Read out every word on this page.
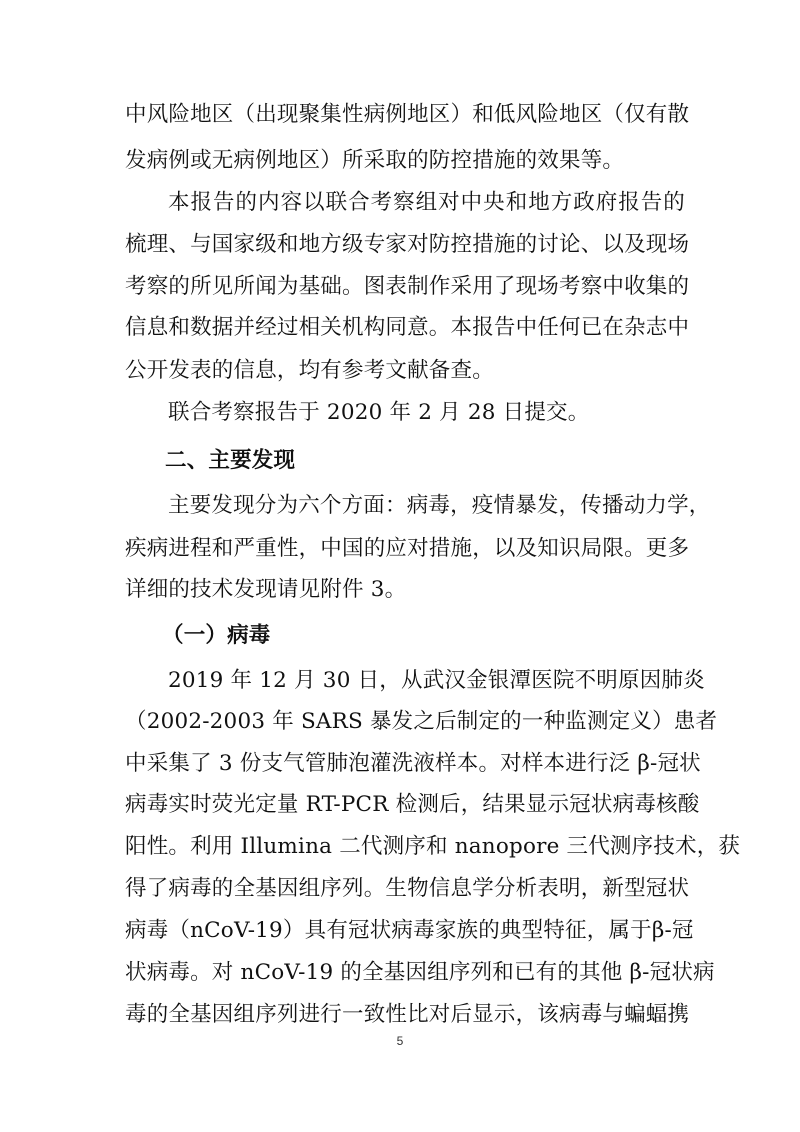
中风险地区（出现聚集性病例地区）和低风险地区（仅有散
发病例或无病例地区）所采取的防控措施的效果等。
本报告的内容以联合考察组对中央和地方政府报告的
梳理、与国家级和地方级专家对防控措施的讨论、以及现场
考察的所见所闻为基础。图表制作采用了现场考察中收集的
信息和数据并经过相关机构同意。本报告中任何已在杂志中
公开发表的信息，均有参考文献备查。
联合考察报告于 2020 年 2 月 28 日提交。
二、主要发现
主要发现分为六个方面：病毒，疫情暴发，传播动力学，
疾病进程和严重性，中国的应对措施，以及知识局限。更多
详细的技术发现请见附件 3。
（一）病毒
2019 年 12 月 30 日，从武汉金银潭医院不明原因肺炎
（2002-2003 年 SARS 暴发之后制定的一种监测定义）患者
中采集了 3 份支气管肺泡灌洗液样本。对样本进行泛 β-冠状
病毒实时荧光定量 RT-PCR 检测后，结果显示冠状病毒核酸
阳性。利用 Illumina 二代测序和 nanopore 三代测序技术，获
得了病毒的全基因组序列。生物信息学分析表明，新型冠状
病毒（nCoV-19）具有冠状病毒家族的典型特征，属于β-冠
状病毒。对 nCoV-19 的全基因组序列和已有的其他 β-冠状病
毒的全基因组序列进行一致性比对后显示，该病毒与蝙蝠携
5
